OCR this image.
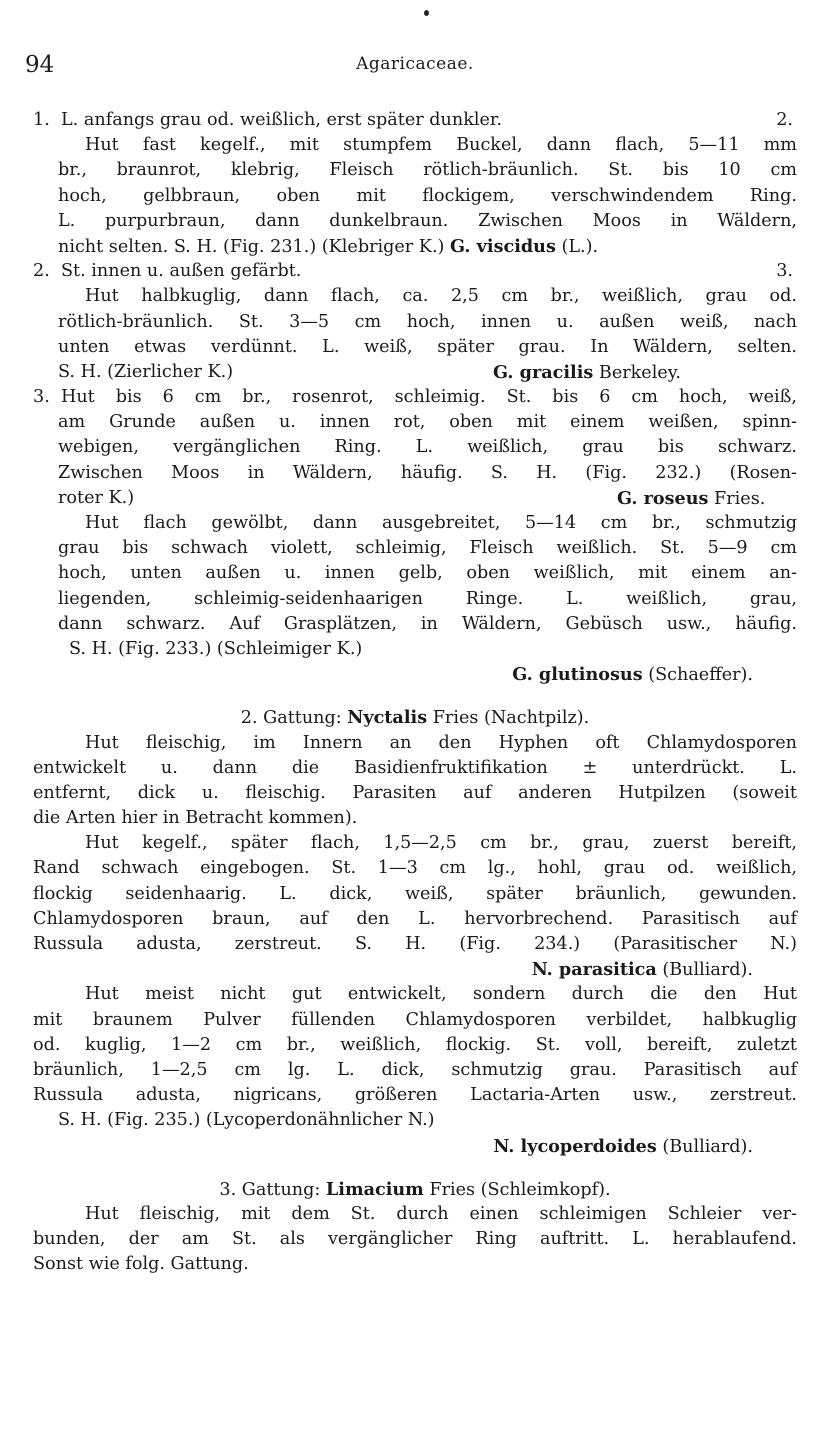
94	Agaricaceae.
1. L. anfangs grau od. weißlich, erst später dunkler.	2.
Hut fast kegelf., mit stumpfem Buckel, dann flach, 5—11 mm
br., braunrot, klebrig, Fleisch rötlich-bräunlich. St. bis 10 cm
hoch, gelbbraun, oben mit flockigem, verschwindendem Ring.
L. purpurbraun, dann dunkelbraun. Zwischen Moos in Wäldern,
nicht selten. S. H. (Fig. 231.) (Klebriger K.) G. viscidus (L.).
2. St. innen u. außen gefärbt.	3.
Hut halbkuglig, dann flach, ca. 2,5 cm br., weißlich, grau od.
rötlich-bräunlich. St. 3—5 cm hoch, innen u. außen weiß, nach
unten etwas verdünnt. L. weiß, später grau. In Wäldern, selten.
S. H. (Zierlicher K.)	G. gracilis Berkeley.
3. Hut bis 6 cm br., rosenrot, schleimig. St. bis 6 cm hoch, weiß,
am Grunde außen u. innen rot, oben mit einem weißen, spinn-
webigen, vergänglichen Ring. L. weißlich, grau bis schwarz.
Zwischen Moos in Wäldern, häufig. S. H. (Fig. 232.) (Rosen-
roter K.)	G. roseus Fries.
Hut flach gewölbt, dann ausgebreitet, 5—14 cm br., schmutzig
grau bis schwach violett, schleimig, Fleisch weißlich. St. 5—9 cm
hoch, unten außen u. innen gelb, oben weißlich, mit einem an-
liegenden, schleimig-seidenhaarigen Ringe. L. weißlich, grau,
dann schwarz. Auf Grasplätzen, in Wäldern, Gebüsch usw., häufig.
S. H. (Fig. 233.) (Schleimiger K.)
G. glutinosus (Schaeffer).
2. Gattung: Nyctalis Fries (Nachtpilz).
Hut fleischig, im Innern an den Hyphen oft Chlamydosporen
entwickelt u. dann die Basidienfruktifikation ± unterdrückt. L.
entfernt, dick u. fleischig. Parasiten auf anderen Hutpilzen (soweit
die Arten hier in Betracht kommen).
Hut kegelf., später flach, 1,5—2,5 cm br., grau, zuerst bereift,
Rand schwach eingebogen. St. 1—3 cm lg., hohl, grau od. weißlich,
flockig seidenhaarig. L. dick, weiß, später bräunlich, gewunden.
Chlamydosporen braun, auf den L. hervorbrechend. Parasitisch auf
Russula adusta, zerstreut. S. H. (Fig. 234.) (Parasitischer N.)
N. parasitica (Bulliard).
Hut meist nicht gut entwickelt, sondern durch die den Hut
mit braunem Pulver füllenden Chlamydosporen verbildet, halbkuglig
od. kuglig, 1—2 cm br., weißlich, flockig. St. voll, bereift, zuletzt
bräunlich, 1—2,5 cm lg. L. dick, schmutzig grau. Parasitisch auf
Russula adusta, nigricans, größeren Lactaria-Arten usw., zerstreut.
S. H. (Fig. 235.) (Lycoperdonähnlicher N.)
N. lycoperdoides (Bulliard).
3. Gattung: Limacium Fries (Schleimkopf).
Hut fleischig, mit dem St. durch einen schleimigen Schleier ver-
bunden, der am St. als vergänglicher Ring auftritt. L. herablaufend.
Sonst wie folg. Gattung.
